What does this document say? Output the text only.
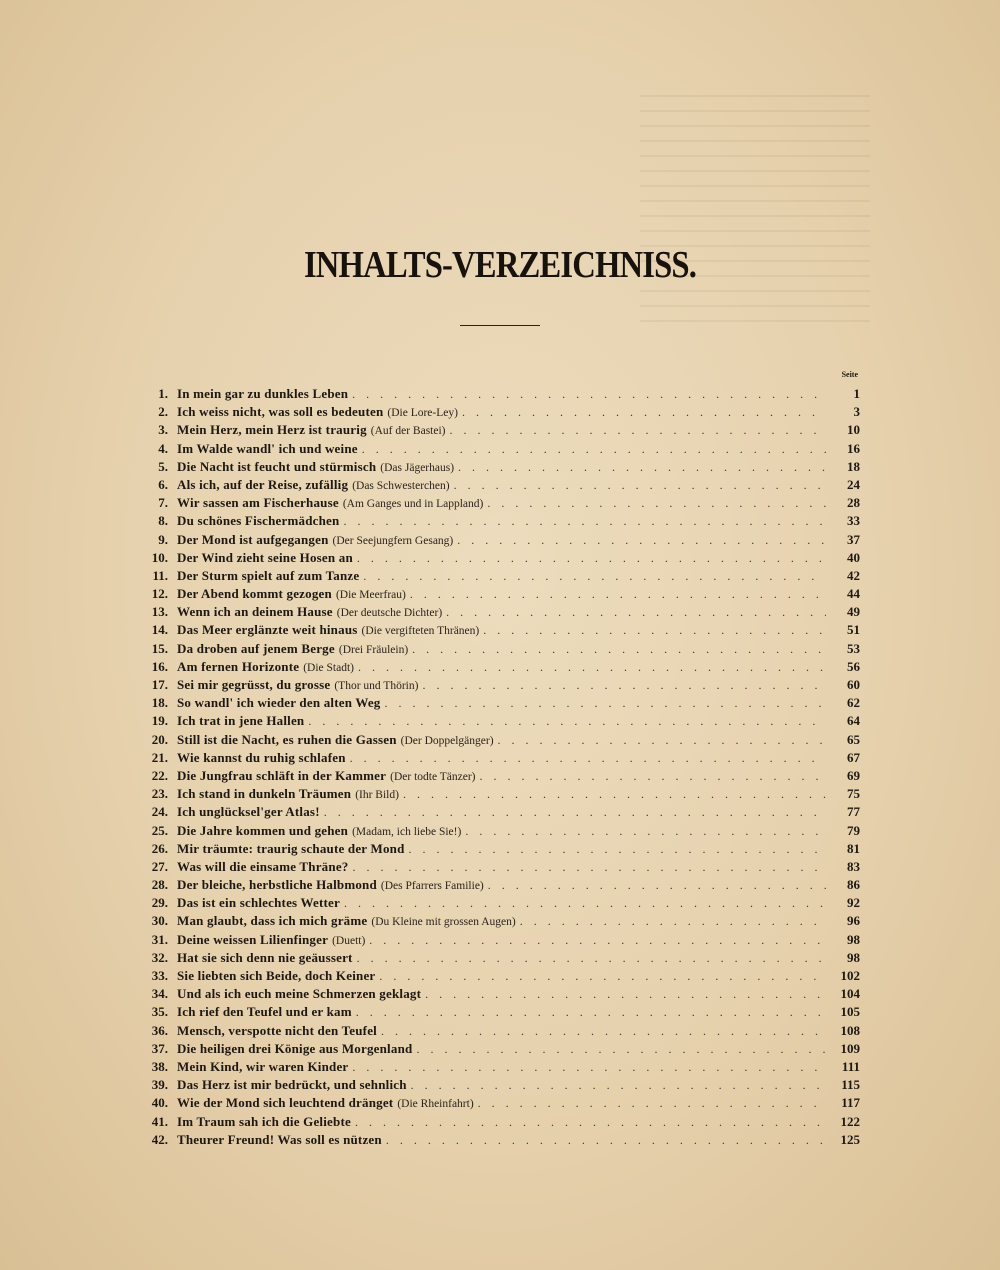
INHALTS-VERZEICHNISS.
Seite
1. In mein gar zu dunkles Leben . . .	1
2. Ich weiss nicht, was soll es bedeuten (Die Lore-Ley) . . .	3
3. Mein Herz, mein Herz ist traurig (Auf der Bastei) . . .	10
4. Im Walde wandl' ich und weine . . .	16
5. Die Nacht ist feucht und stürmisch (Das Jägerhaus) . . .	18
6. Als ich, auf der Reise, zufällig (Das Schwesterchen) . . .	24
7. Wir sassen am Fischerhause (Am Ganges und in Lappland) . . .	28
8. Du schönes Fischermädchen . . .	33
9. Der Mond ist aufgegangen (Der Seejungfern Gesang) . . .	37
10. Der Wind zieht seine Hosen an . . .	40
11. Der Sturm spielt auf zum Tanze . . .	42
12. Der Abend kommt gezogen (Die Meerfrau) . . .	44
13. Wenn ich an deinem Hause (Der deutsche Dichter) . . .	49
14. Das Meer erglänzte weit hinaus (Die vergifteten Thränen) . . .	51
15. Da droben auf jenem Berge (Drei Fräulein) . . .	53
16. Am fernen Horizonte (Die Stadt) . . .	56
17. Sei mir gegrüsst, du grosse (Thor und Thörin) . . .	60
18. So wandl' ich wieder den alten Weg . . .	62
19. Ich trat in jene Hallen . . .	64
20. Still ist die Nacht, es ruhen die Gassen (Der Doppelgänger) . . .	65
21. Wie kannst du ruhig schlafen . . .	67
22. Die Jungfrau schläft in der Kammer (Der todte Tänzer) . . .	69
23. Ich stand in dunkeln Träumen (Ihr Bild) . . .	75
24. Ich unglücksel'ger Atlas! . . .	77
25. Die Jahre kommen und gehen (Madam, ich liebe Sie!) . . .	79
26. Mir träumte: traurig schaute der Mond . . .	81
27. Was will die einsame Thräne? . . .	83
28. Der bleiche, herbstliche Halbmond (Des Pfarrers Familie) . . .	86
29. Das ist ein schlechtes Wetter . . .	92
30. Man glaubt, dass ich mich gräme (Du Kleine mit grossen Augen) . . .	96
31. Deine weissen Lilienfinger (Duett) . . .	98
32. Hat sie sich denn nie geäussert . . .	98
33. Sie liebten sich Beide, doch Keiner . . .	102
34. Und als ich euch meine Schmerzen geklagt . . .	104
35. Ich rief den Teufel und er kam . . .	105
36. Mensch, verspotte nicht den Teufel . . .	108
37. Die heiligen drei Könige aus Morgenland . . .	109
38. Mein Kind, wir waren Kinder . . .	111
39. Das Herz ist mir bedrückt, und sehnlich . . .	115
40. Wie der Mond sich leuchtend dränget (Die Rheinfahrt) . . .	117
41. Im Traum sah ich die Geliebte . . .	122
42. Theurer Freund! Was soll es nützen . . .	125
